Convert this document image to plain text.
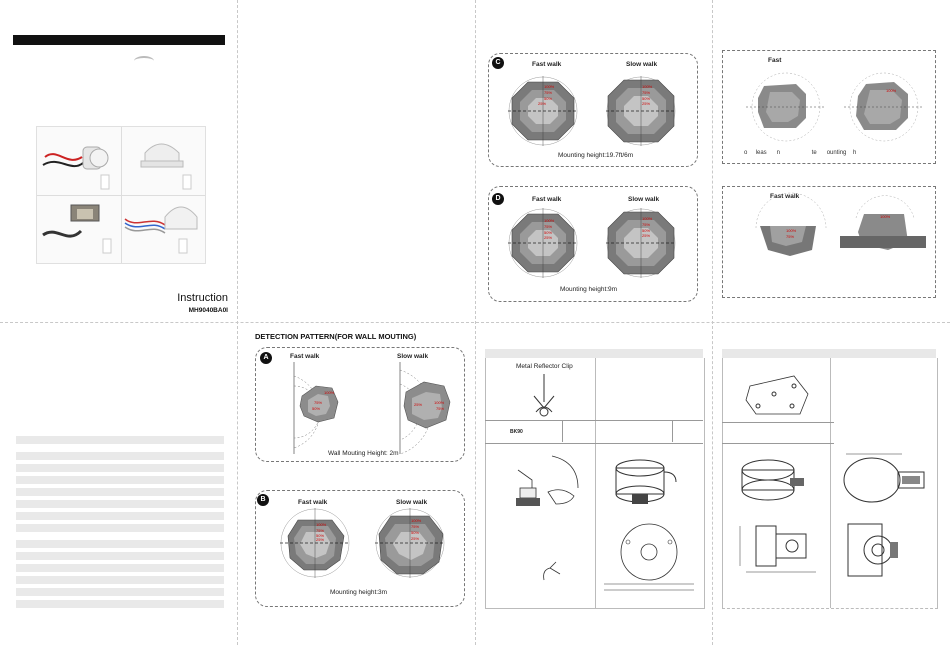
Instruction
MH9040BA0I
DETECTION PATTERN(FOR WALL MOUTING)
A	Fast walk	Slow walk
100%
75%
50%
100%
75%
25%
Wall Mouting Height: 2m
B	Fast walk	Slow walk
100%
75%
50%
25%
100%
75%
50%
25%
Mounting height:3m
C	Fast walk	Slow walk
100%
75%
50%
25%
100%
75%
50%
25%
Mounting height:19.7ft/6m
D	Fast walk	Slow walk
100%
75%
50%
25%
100%
75%
50%
25%
Mounting height:9m
Fast
100%
o     leas      n                   te      ounting    h
Fast walk
100%
75%
100%
Metal Reflector Clip
BK90
